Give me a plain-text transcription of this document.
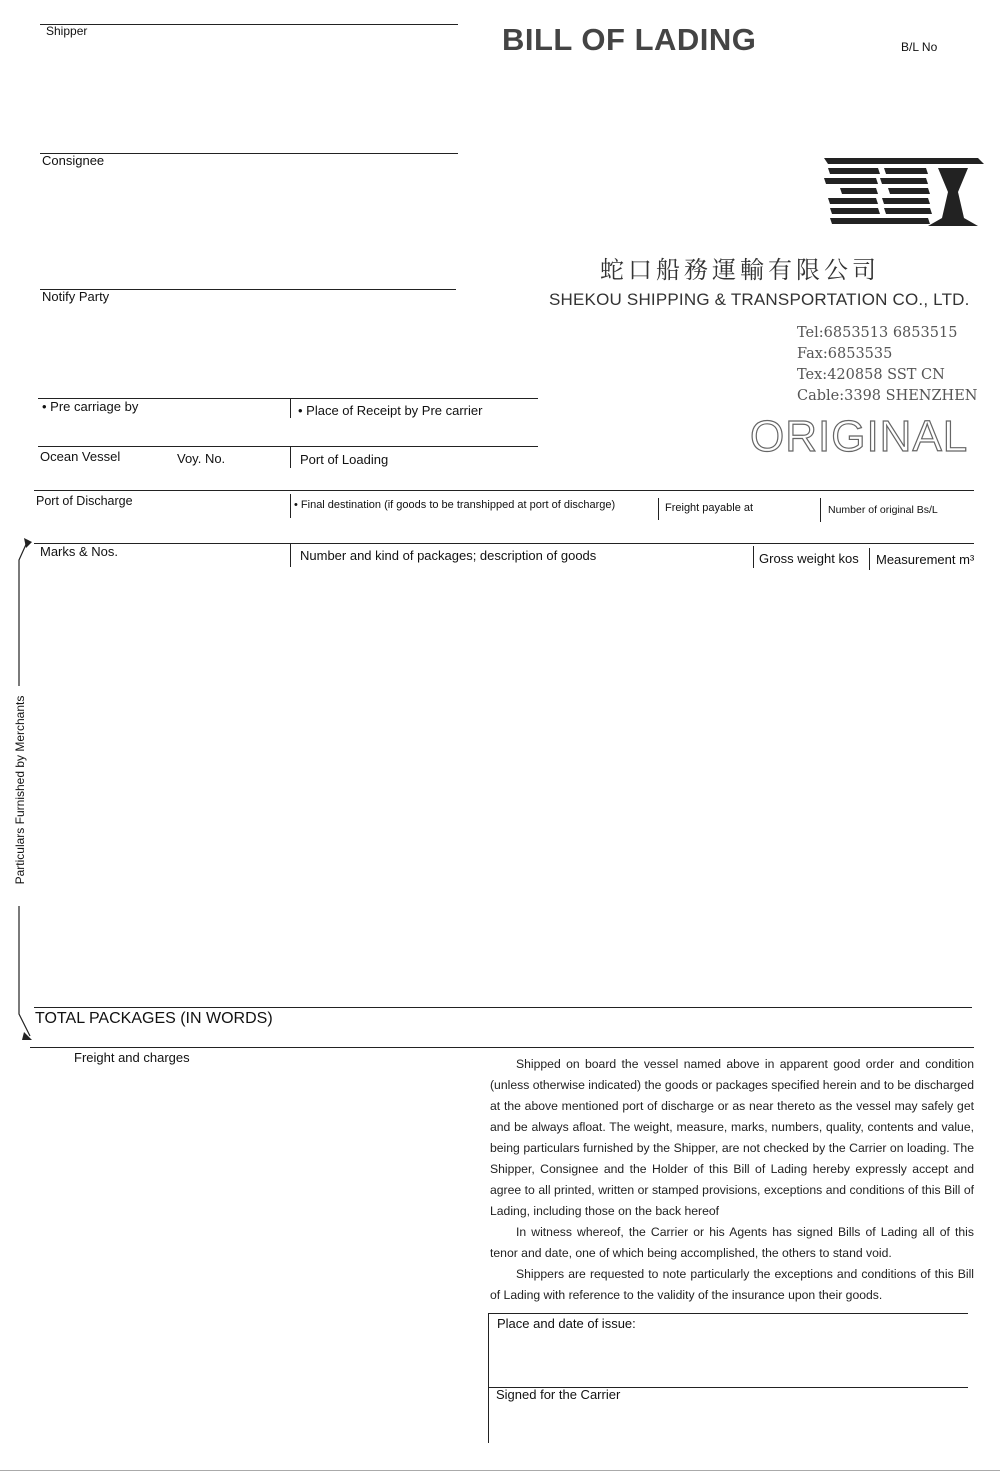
BILL OF LADING	B/L No
蛇口船務運輸有限公司
SHEKOU SHIPPING & TRANSPORTATION CO., LTD.
Tel:6853513 6853515
Fax:6853535
Tex:420858 SST CN
Cable:3398 SHENZHEN
ORIGINAL
Shipper
Consignee
Notify Party
• Pre carriage by	• Place of Receipt by Pre carrier
Ocean Vessel	Voy. No.	Port of Loading
Port of Discharge	• Final destination (if goods to be transhipped at port of discharge)	Freight payable at	Number of original Bs/L
Marks & Nos.	Number and kind of packages; description of goods	Gross weight kos Measurement m³
Particulars Furnished by Merchants
TOTAL PACKAGES (IN WORDS)
Freight and charges	Shipped on board the vessel named above in apparent good order and condition (unless otherwise indicated) the goods or packages specified herein and to be discharged at the above mentioned port of discharge or as near thereto as the vessel may safely get and be always afloat. The weight, measure, marks, numbers, quality, contents and value, being particulars furnished by the Shipper, are not checked by the Carrier on loading. The Shipper, Consignee and the Holder of this Bill of Lading hereby expressly accept and agree to all printed, written or stamped provisions, exceptions and conditions of this Bill of Lading, including those on the back hereof

In witness whereof, the Carrier or his Agents has signed Bills of Lading all of this tenor and date, one of which being accomplished, the others to stand void.

Shippers are requested to note particularly the exceptions and conditions of this Bill of Lading with reference to the validity of the insurance upon their goods.

Place and date of issue:
Signed for the Carrier
